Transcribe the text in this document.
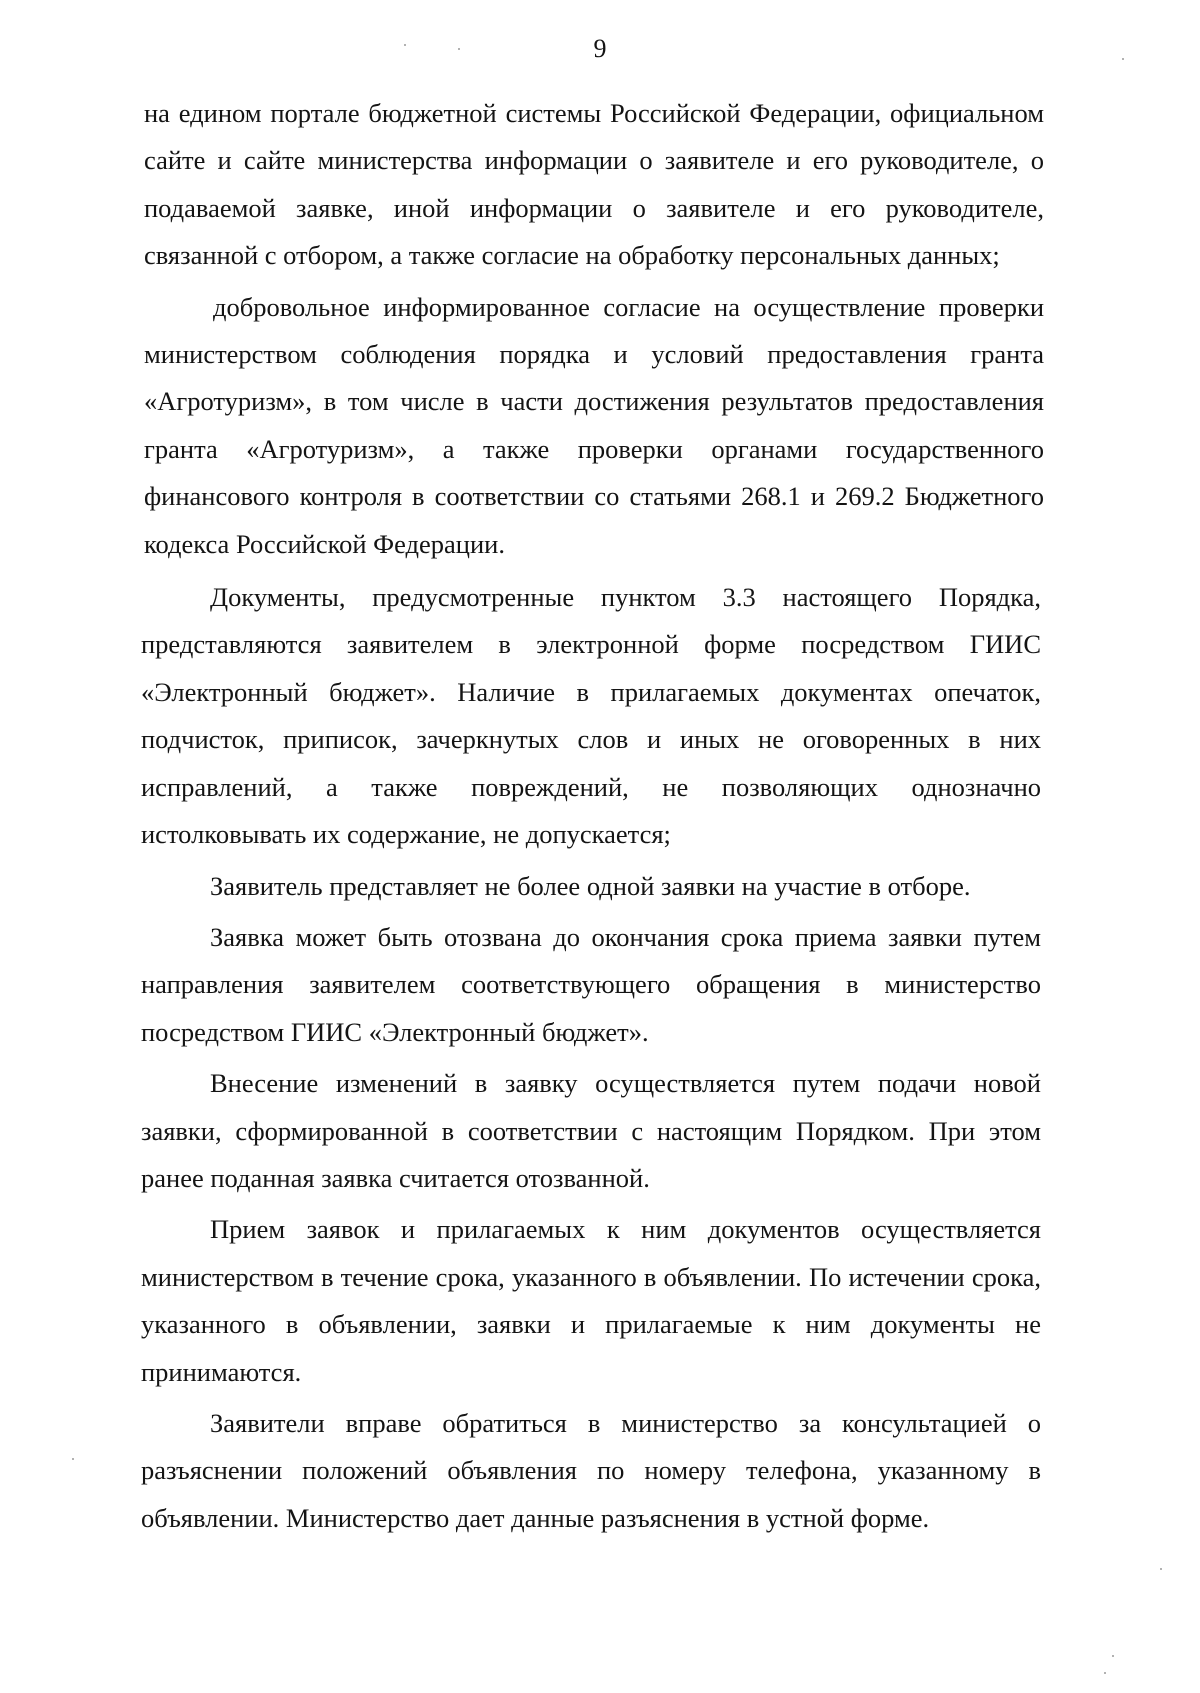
9

на едином портале бюджетной системы Российской Федерации, официальном сайте и сайте министерства информации о заявителе и его руководителе, о подаваемой заявке, иной информации о заявителе и его руководителе, связанной с отбором, а также согласие на обработку персональных данных;

добровольное информированное согласие на осуществление проверки министерством соблюдения порядка и условий предоставления гранта «Агротуризм», в том числе в части достижения результатов предоставления гранта «Агротуризм», а также проверки органами государственного финансового контроля в соответствии со статьями 268.1 и 269.2 Бюджетного кодекса Российской Федерации.

Документы, предусмотренные пунктом 3.3 настоящего Порядка, представляются заявителем в электронной форме посредством ГИИС «Электронный бюджет». Наличие в прилагаемых документах опечаток, подчисток, приписок, зачеркнутых слов и иных не оговоренных в них исправлений, а также повреждений, не позволяющих однозначно истолковывать их содержание, не допускается;

Заявитель представляет не более одной заявки на участие в отборе.

Заявка может быть отозвана до окончания срока приема заявки путем направления заявителем соответствующего обращения в министерство посредством ГИИС «Электронный бюджет».

Внесение изменений в заявку осуществляется путем подачи новой заявки, сформированной в соответствии с настоящим Порядком. При этом ранее поданная заявка считается отозванной.

Прием заявок и прилагаемых к ним документов осуществляется министерством в течение срока, указанного в объявлении. По истечении срока, указанного в объявлении, заявки и прилагаемые к ним документы не принимаются.

Заявители вправе обратиться в министерство за консультацией о разъяснении положений объявления по номеру телефона, указанному в объявлении. Министерство дает данные разъяснения в устной форме.
